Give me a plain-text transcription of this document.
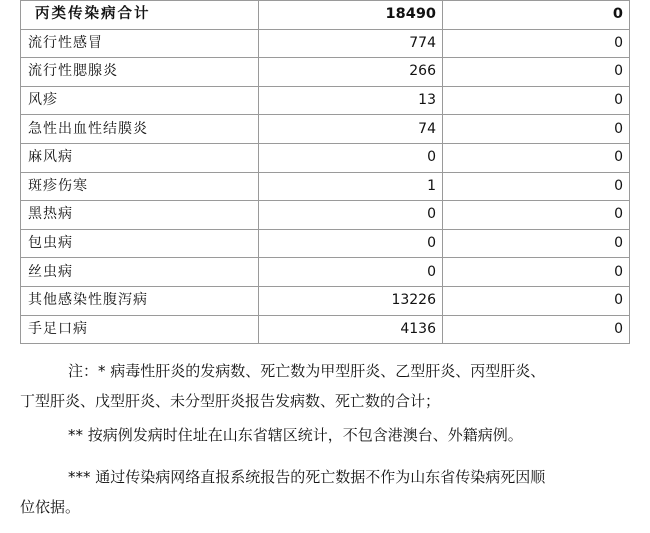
丙类传染病合计	18490	0
流行性感冒	774	0
流行性腮腺炎	266	0
风疹	13	0
急性出血性结膜炎	74	0
麻风病	0	0
斑疹伤寒	1	0
黑热病	0	0
包虫病	0	0
丝虫病	0	0
其他感染性腹泻病	13226	0
手足口病	4136	0
注：* 病毒性肝炎的发病数、死亡数为甲型肝炎、乙型肝炎、丙型肝炎、
丁型肝炎、戊型肝炎、未分型肝炎报告发病数、死亡数的合计；
** 按病例发病时住址在山东省辖区统计，不包含港澳台、外籍病例。
*** 通过传染病网络直报系统报告的死亡数据不作为山东省传染病死因顺
位依据。
